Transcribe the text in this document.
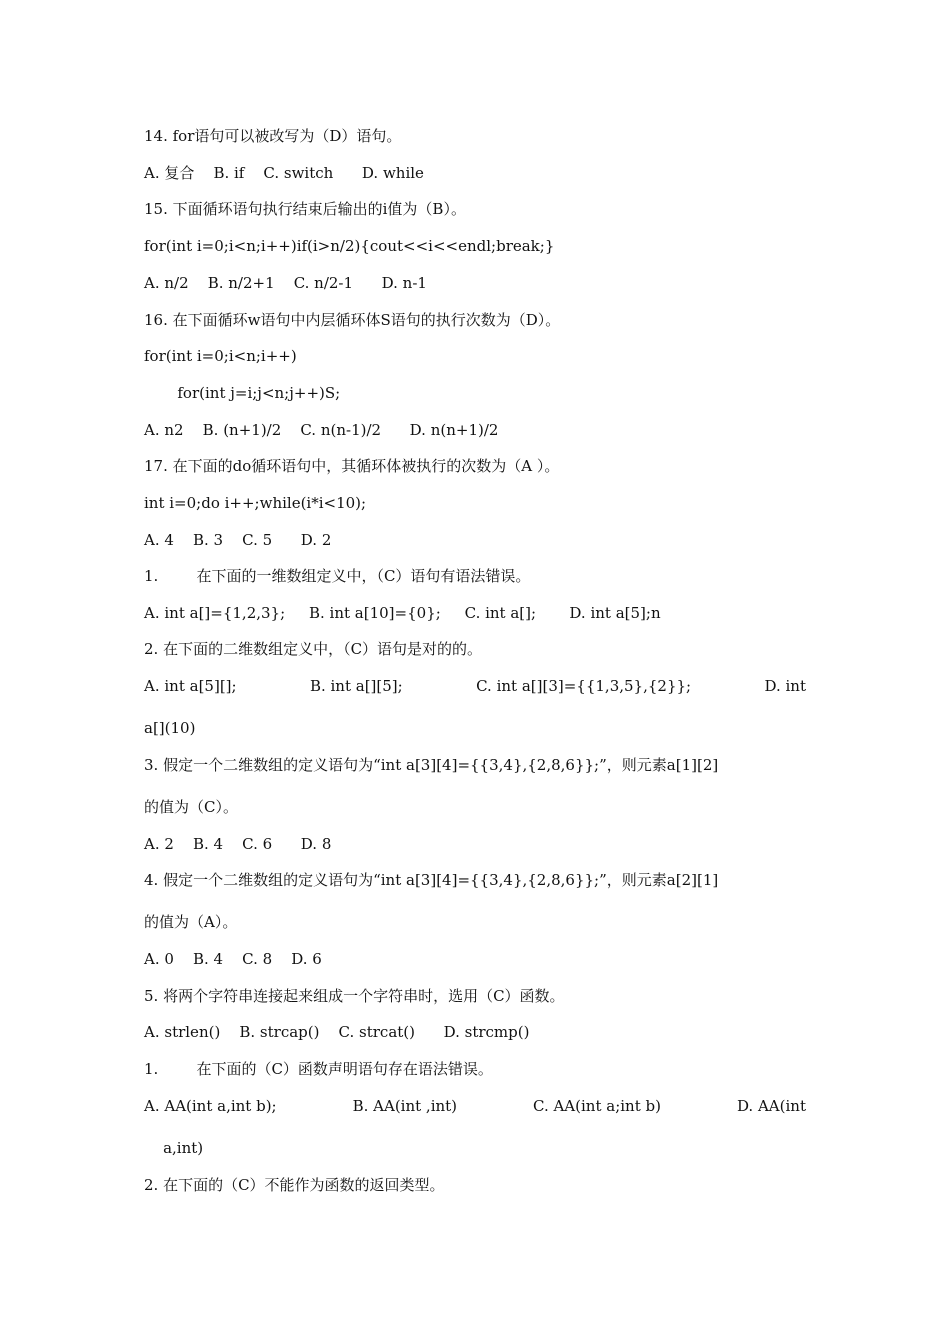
14. for语句可以被改写为（D）语句。

A. 复合    B. if    C. switch      D. while

15. 下面循环语句执行结束后输出的i值为（B）。

for(int i=0;i<n;i++)if(i>n/2){cout<<i<<endl;break;}

A. n/2    B. n/2+1    C. n/2-1      D. n-1

16. 在下面循环w语句中内层循环体S语句的执行次数为（D）。

for(int i=0;i<n;i++)

for(int j=i;j<n;j++)S;

A. n2    B. (n+1)/2    C. n(n-1)/2      D. n(n+1)/2

17. 在下面的do循环语句中，其循环体被执行的次数为（A ）。

int i=0;do i++;while(i*i<10);

A. 4    B. 3    C. 5      D. 2

1.        在下面的一维数组定义中，（C）语句有语法错误。

A. int a[]={1,2,3};     B. int a[10]={0};     C. int a[];       D. int a[5];n

2. 在下面的二维数组定义中，（C）语句是对的的。

A. int a[5][];	B. int a[][5];	C. int a[][3]={{1,3,5},{2}};	D. int

a[](10)

3. 假定一个二维数组的定义语句为“int a[3][4]={{3,4},{2,8,6}};”，则元素a[1][2]

的值为（C）。

A. 2    B. 4    C. 6      D. 8

4. 假定一个二维数组的定义语句为“int a[3][4]={{3,4},{2,8,6}};”，则元素a[2][1]

的值为（A）。

A. 0    B. 4    C. 8    D. 6

5. 将两个字符串连接起来组成一个字符串时，选用（C）函数。

A. strlen()    B. strcap()    C. strcat()      D. strcmp()

1.        在下面的（C）函数声明语句存在语法错误。

A. AA(int a,int b);	B. AA(int ,int)	C. AA(int a;int b)	D. AA(int

a,int)

2. 在下面的（C）不能作为函数的返回类型。
